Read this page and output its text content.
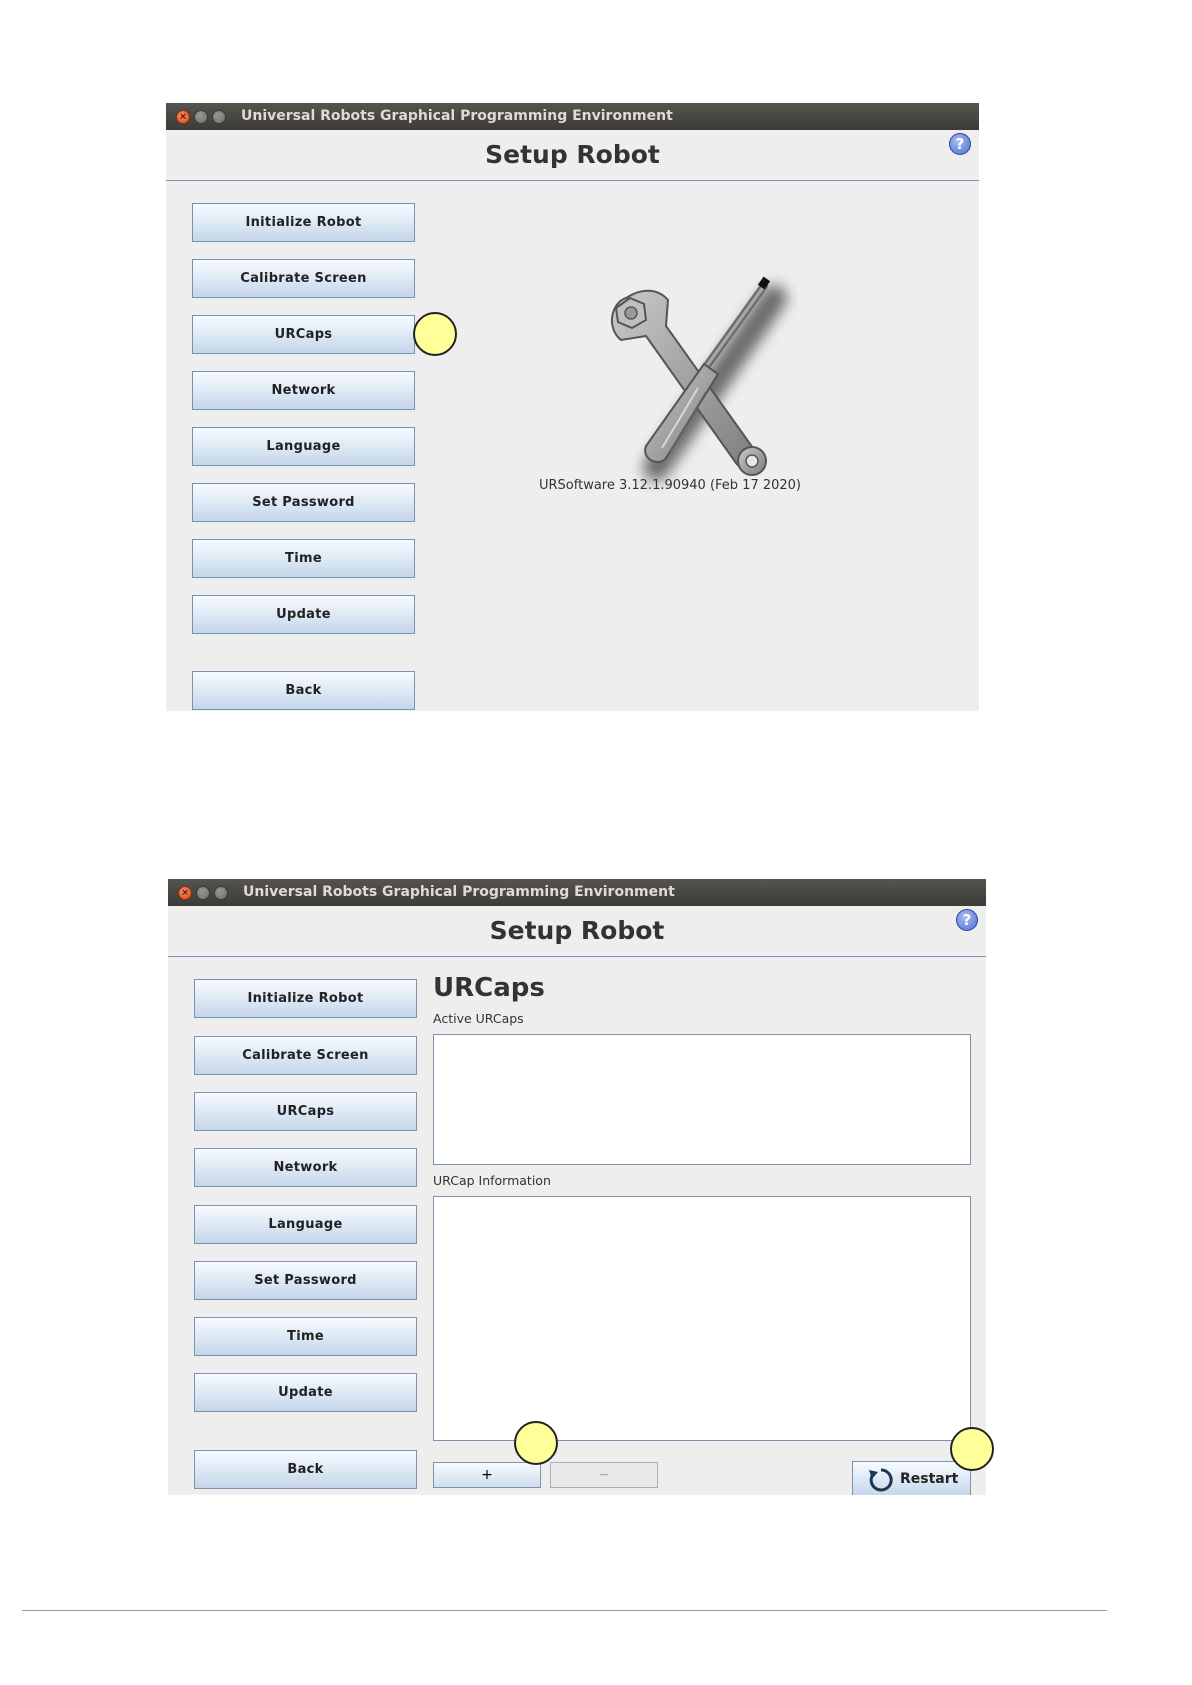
×	Universal Robots Graphical Programming Environment
Setup Robot	?
Initialize Robot
Calibrate Screen
URCaps
Network
Language
Set Password
Time
Update
Back
URSoftware 3.12.1.90940 (Feb 17 2020)
×	Universal Robots Graphical Programming Environment
Setup Robot	?
Initialize Robot
Calibrate Screen
URCaps
Network
Language
Set Password
Time
Update
Back
URCaps
Active URCaps
URCap Information
+	−	Restart
